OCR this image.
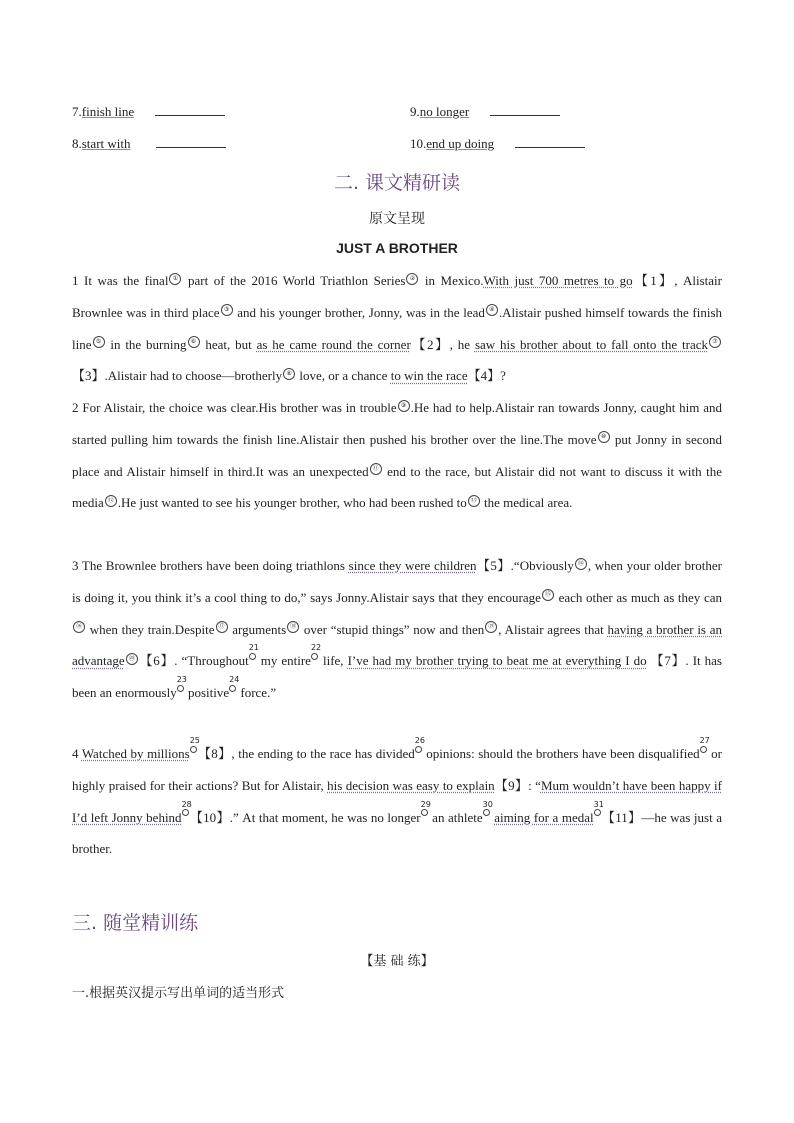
7.finish line	9.no longer
8.start with	10.end up doing
二. 课文精研读
原文呈现
JUST A BROTHER
1 It was the final ① part of the 2016 World Triathlon Series ② in Mexico.With just 700 metres to go【1】, Alistair Brownlee was in third place ③ and his younger brother, Jonny, was in the lead ④ .Alistair pushed himself towards the finish line ⑤ in the burning ⑥ heat, but as he came round the corner【2】, he saw his brother about to fall onto the track ⑦【3】.Alistair had to choose—brotherly ⑧ love, or a chance to win the race【4】?
2 For Alistair, the choice was clear.His brother was in trouble ⑨ .He had to help.Alistair ran towards Jonny, caught him and started pulling him towards the finish line.Alistair then pushed his brother over the line.The move ⑩ put Jonny in second place and Alistair himself in third.It was an unexpected ⑪ end to the race, but Alistair did not want to discuss it with the media ⑫ .He just wanted to see his younger brother, who had been rushed to ⑬ the medical area.
3 The Brownlee brothers have been doing triathlons since they were children【5】.“Obviously ⑭ , when your older brother is doing it, you think it’s a cool thing to do,” says Jonny.Alistair says that they encourage ⑮ each other as much as they can⑯ when they train.Despite ⑰ arguments ⑱ over “stupid things” now and then ⑲ , Alistair agrees that having a brother is an advantage ⑳ 【6】. “Throughout
21
my entire
22
life, I’ve had my brother trying to beat me at everything I do 【7】. It has been an enormously
23
positive
24
force.”
4 Watched by millions
25
【8】, the ending to the race has divided
26
opinions: should the brothers have been disqualified
27
or highly praised for their actions? But for Alistair, his decision was easy to explain【9】: “Mum wouldn’t have been happy if I’d left Jonny behind
28
【10】.” At that moment, he was no longer
29
an athlete
30
aiming for a medal
31
【11】—he was just a brother.
三. 随堂精训练
【基 础 练】
一.根据英汉提示写出单词的适当形式
